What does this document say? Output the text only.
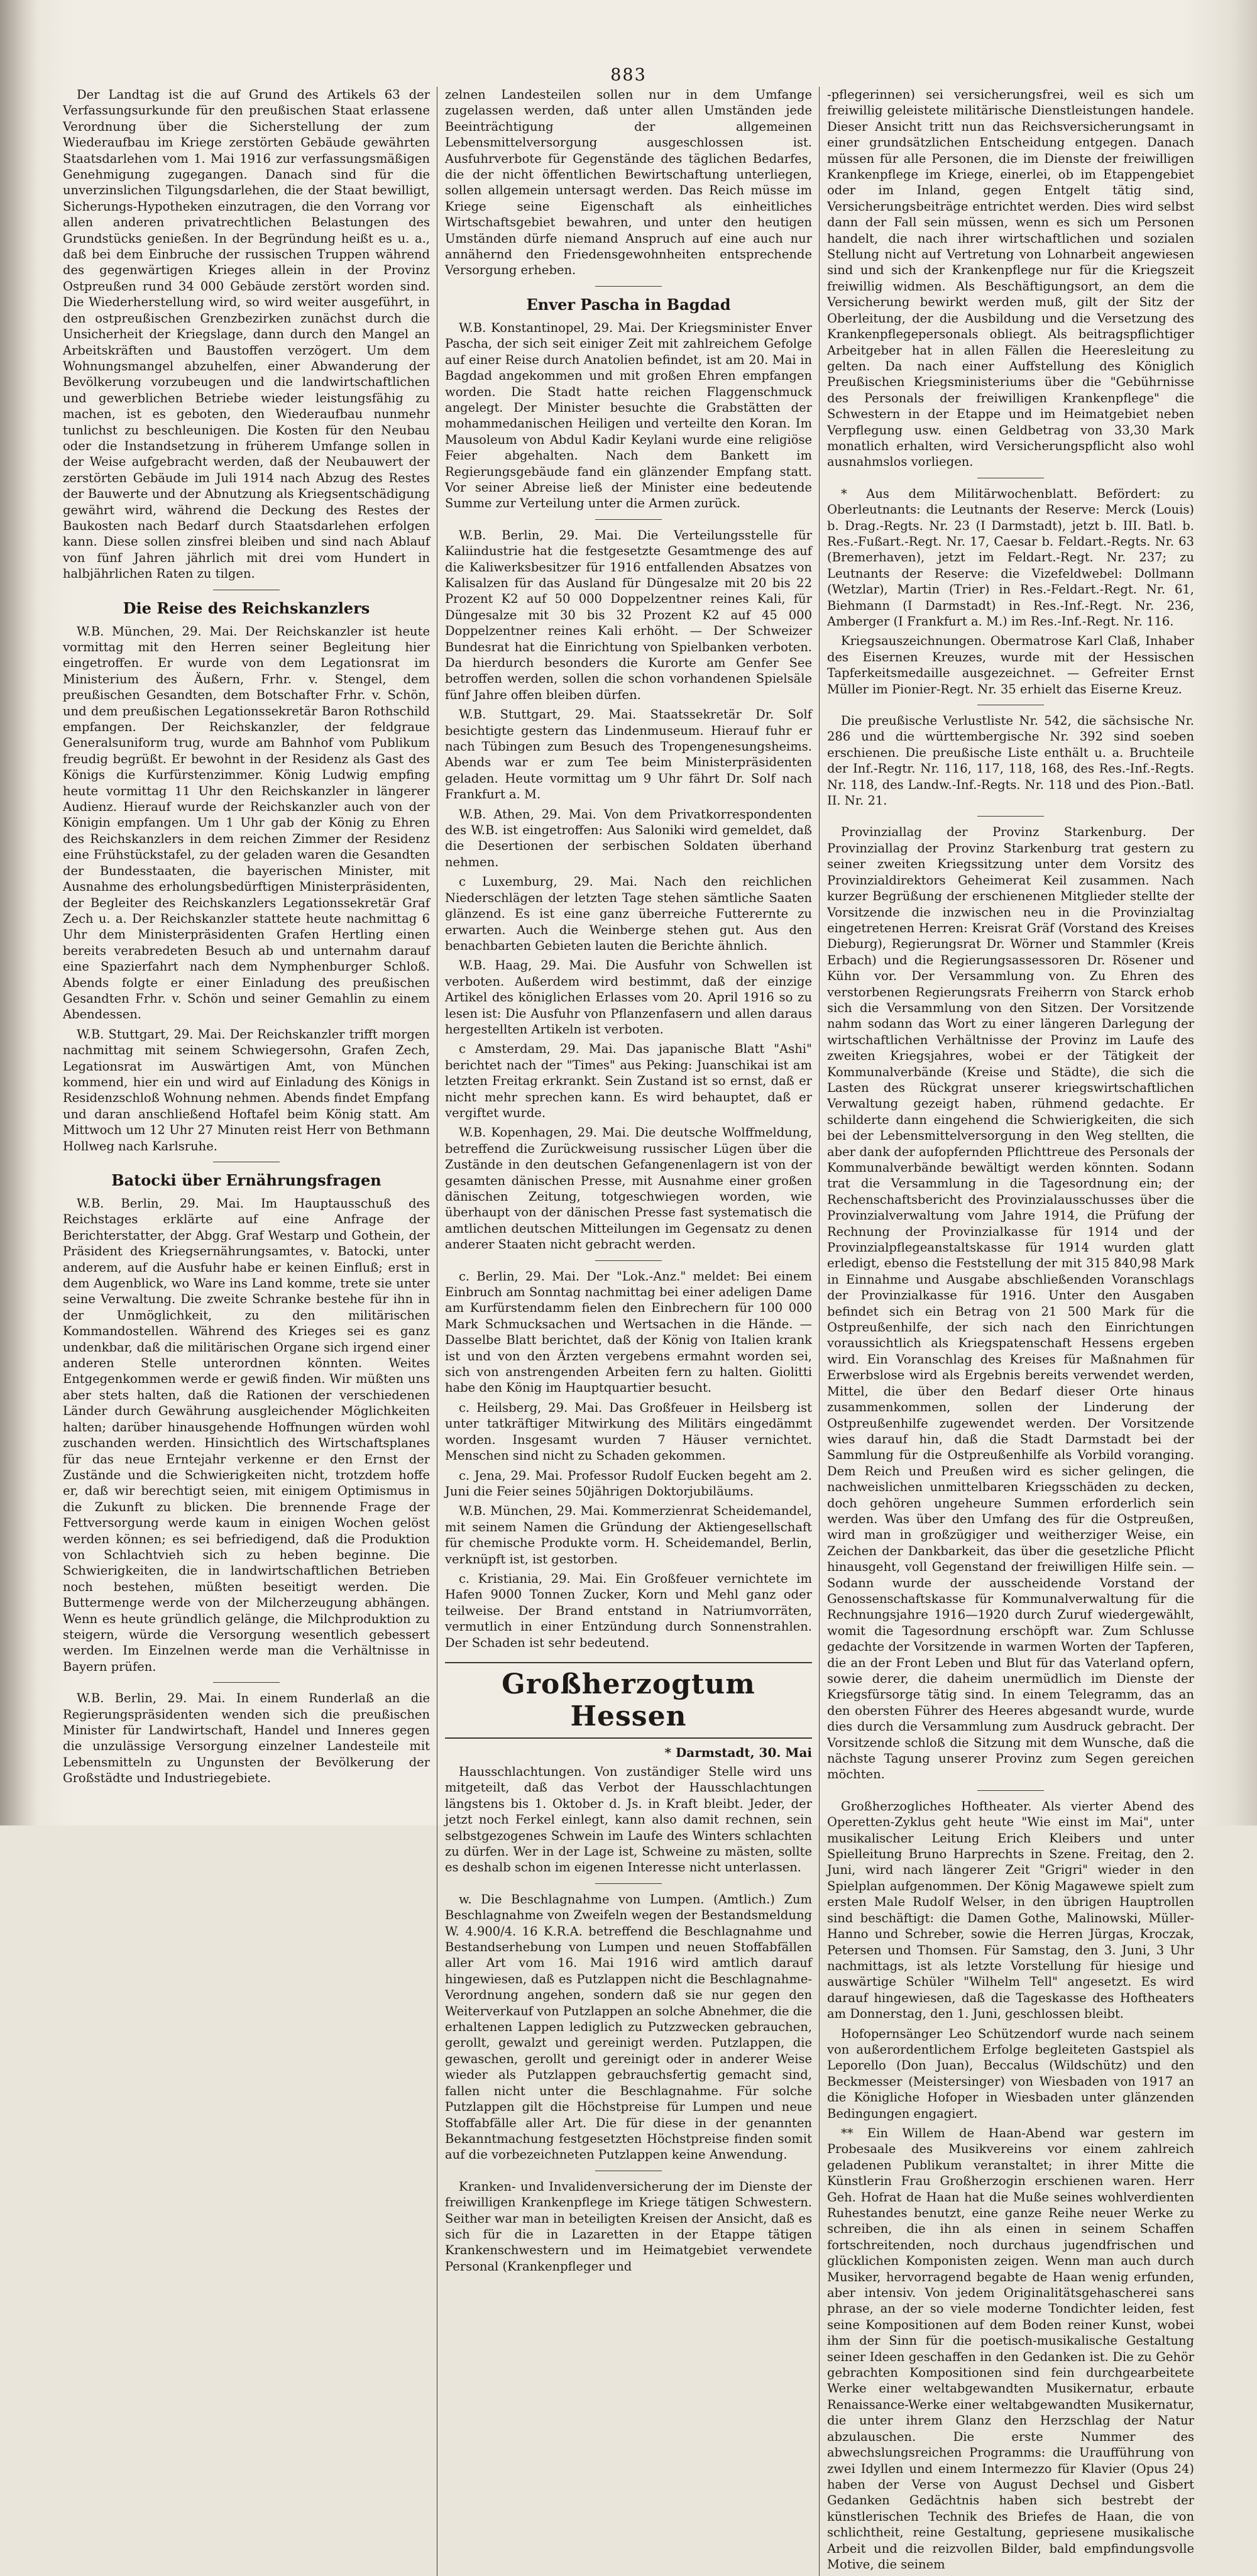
883

Der Landtag ist die auf Grund des Artikels 63 der Verfassungsurkunde für den preußischen Staat erlassene Verordnung über die Sicherstellung der zum Wiederaufbau im Kriege zerstörten Gebäude gewährten Staatsdarlehen vom 1. Mai 1916 zur verfassungsmäßigen Genehmigung zugegangen. Danach sind für die unverzinslichen Tilgungsdarlehen, die der Staat bewilligt, Sicherungs-Hypotheken einzutragen, die den Vorrang vor allen anderen privatrechtlichen Belastungen des Grundstücks genießen. In der Begründung heißt es u. a., daß bei dem Einbruche der russischen Truppen während des gegenwärtigen Krieges allein in der Provinz Ostpreußen rund 34 000 Gebäude zerstört worden sind. Die Wiederherstellung wird, so wird weiter ausgeführt, in den ostpreußischen Grenzbezirken zunächst durch die Unsicherheit der Kriegslage, dann durch den Mangel an Arbeitskräften und Baustoffen verzögert. Um dem Wohnungsmangel abzuhelfen, einer Abwanderung der Bevölkerung vorzubeugen und die landwirtschaftlichen und gewerblichen Betriebe wieder leistungsfähig zu machen, ist es geboten, den Wiederaufbau nunmehr tunlichst zu beschleunigen. Die Kosten für den Neubau oder die Instandsetzung in früherem Umfange sollen in der Weise aufgebracht werden, daß der Neubauwert der zerstörten Gebäude im Juli 1914 nach Abzug des Restes der Bauwerte und der Abnutzung als Kriegsentschädigung gewährt wird, während die Deckung des Restes der Baukosten nach Bedarf durch Staatsdarlehen erfolgen kann. Diese sollen zinsfrei bleiben und sind nach Ablauf von fünf Jahren jährlich mit drei vom Hundert in halbjährlichen Raten zu tilgen.

Die Reise des Reichskanzlers

W.B. München, 29. Mai. Der Reichskanzler ist heute vormittag mit den Herren seiner Begleitung hier eingetroffen. Er wurde von dem Legationsrat im Ministerium des Äußern, Frhr. v. Stengel, dem preußischen Gesandten, dem Botschafter Frhr. v. Schön, und dem preußischen Legationssekretär Baron Rothschild empfangen. Der Reichskanzler, der feldgraue Generalsuniform trug, wurde am Bahnhof vom Publikum freudig begrüßt. Er bewohnt in der Residenz als Gast des Königs die Kurfürstenzimmer. König Ludwig empfing heute vormittag 11 Uhr den Reichskanzler in längerer Audienz. Hierauf wurde der Reichskanzler auch von der Königin empfangen. Um 1 Uhr gab der König zu Ehren des Reichskanzlers in dem reichen Zimmer der Residenz eine Frühstückstafel, zu der geladen waren die Gesandten der Bundesstaaten, die bayerischen Minister, mit Ausnahme des erholungsbedürftigen Ministerpräsidenten, der Begleiter des Reichskanzlers Legationssekretär Graf Zech u. a. Der Reichskanzler stattete heute nachmittag 6 Uhr dem Ministerpräsidenten Grafen Hertling einen bereits verabredeten Besuch ab und unternahm darauf eine Spazierfahrt nach dem Nymphenburger Schloß. Abends folgte er einer Einladung des preußischen Gesandten Frhr. v. Schön und seiner Gemahlin zu einem Abendessen.

W.B. Stuttgart, 29. Mai. Der Reichskanzler trifft morgen nachmittag mit seinem Schwiegersohn, Grafen Zech, Legationsrat im Auswärtigen Amt, von München kommend, hier ein und wird auf Einladung des Königs in Residenzschloß Wohnung nehmen. Abends findet Empfang und daran anschließend Hoftafel beim König statt. Am Mittwoch um 12 Uhr 27 Minuten reist Herr von Bethmann Hollweg nach Karlsruhe.

Batocki über Ernährungsfragen

W.B. Berlin, 29. Mai. Im Hauptausschuß des Reichstages erklärte auf eine Anfrage der Berichterstatter, der Abgg. Graf Westarp und Gothein, der Präsident des Kriegsernährungsamtes, v. Batocki, unter anderem, auf die Ausfuhr habe er keinen Einfluß; erst in dem Augenblick, wo Ware ins Land komme, trete sie unter seine Verwaltung. Die zweite Schranke bestehe für ihn in der Unmöglichkeit, zu den militärischen Kommandostellen. Während des Krieges sei es ganz undenkbar, daß die militärischen Organe sich irgend einer anderen Stelle unterordnen könnten. Weites Entgegenkommen werde er gewiß finden. Wir müßten uns aber stets halten, daß die Rationen der verschiedenen Länder durch Gewährung ausgleichender Möglichkeiten halten; darüber hinausgehende Hoffnungen würden wohl zuschanden werden. Hinsichtlich des Wirtschaftsplanes für das neue Erntejahr verkenne er den Ernst der Zustände und die Schwierigkeiten nicht, trotzdem hoffe er, daß wir berechtigt seien, mit einigem Optimismus in die Zukunft zu blicken. Die brennende Frage der Fettversorgung werde kaum in einigen Wochen gelöst werden können; es sei befriedigend, daß die Produktion von Schlachtvieh sich zu heben beginne. Die Schwierigkeiten, die in landwirtschaftlichen Betrieben noch bestehen, müßten beseitigt werden. Die Buttermenge werde von der Milcherzeugung abhängen. Wenn es heute gründlich gelänge, die Milchproduktion zu steigern, würde die Versorgung wesentlich gebessert werden. Im Einzelnen werde man die Verhältnisse in Bayern prüfen.

W.B. Berlin, 29. Mai. In einem Runderlaß an die Regierungspräsidenten wenden sich die preußischen Minister für Landwirtschaft, Handel und Inneres gegen die unzulässige Versorgung einzelner Landesteile mit Lebensmitteln zu Ungunsten der Bevölkerung der Großstädte und Industriegebiete.

zelnen Landesteilen sollen nur in dem Umfange zugelassen werden, daß unter allen Umständen jede Beeinträchtigung der allgemeinen Lebensmittelversorgung ausgeschlossen ist. Ausfuhrverbote für Gegenstände des täglichen Bedarfes, die der nicht öffentlichen Bewirtschaftung unterliegen, sollen allgemein untersagt werden. Das Reich müsse im Kriege seine Eigenschaft als einheitliches Wirtschaftsgebiet bewahren, und unter den heutigen Umständen dürfe niemand Anspruch auf eine auch nur annähernd den Friedensgewohnheiten entsprechende Versorgung erheben.

Enver Pascha in Bagdad

W.B. Konstantinopel, 29. Mai. Der Kriegsminister Enver Pascha, der sich seit einiger Zeit mit zahlreichem Gefolge auf einer Reise durch Anatolien befindet, ist am 20. Mai in Bagdad angekommen und mit großen Ehren empfangen worden. Die Stadt hatte reichen Flaggenschmuck angelegt. Der Minister besuchte die Grabstätten der mohammedanischen Heiligen und verteilte den Koran. Im Mausoleum von Abdul Kadir Keylani wurde eine religiöse Feier abgehalten. Nach dem Bankett im Regierungsgebäude fand ein glänzender Empfang statt. Vor seiner Abreise ließ der Minister eine bedeutende Summe zur Verteilung unter die Armen zurück.

W.B. Berlin, 29. Mai. Die Verteilungsstelle für Kaliindustrie hat die festgesetzte Gesamtmenge des auf die Kaliwerksbesitzer für 1916 entfallenden Absatzes von Kalisalzen für das Ausland für Düngesalze mit 20 bis 22 Prozent K2 auf 50 000 Doppelzentner reines Kali, für Düngesalze mit 30 bis 32 Prozent K2 auf 45 000 Doppelzentner reines Kali erhöht. — Der Schweizer Bundesrat hat die Einrichtung von Spielbanken verboten. Da hierdurch besonders die Kurorte am Genfer See betroffen werden, sollen die schon vorhandenen Spielsäle fünf Jahre offen bleiben dürfen.

W.B. Stuttgart, 29. Mai. Staatssekretär Dr. Solf besichtigte gestern das Lindenmuseum. Hierauf fuhr er nach Tübingen zum Besuch des Tropengenesungsheims. Abends war er zum Tee beim Ministerpräsidenten geladen. Heute vormittag um 9 Uhr fährt Dr. Solf nach Frankfurt a. M.

W.B. Athen, 29. Mai. Von dem Privatkorrespondenten des W.B. ist eingetroffen: Aus Saloniki wird gemeldet, daß die Desertionen der serbischen Soldaten überhand nehmen.

c Luxemburg, 29. Mai. Nach den reichlichen Niederschlägen der letzten Tage stehen sämtliche Saaten glänzend. Es ist eine ganz überreiche Futterernte zu erwarten. Auch die Weinberge stehen gut. Aus den benachbarten Gebieten lauten die Berichte ähnlich.

W.B. Haag, 29. Mai. Die Ausfuhr von Schwellen ist verboten. Außerdem wird bestimmt, daß der einzige Artikel des königlichen Erlasses vom 20. April 1916 so zu lesen ist: Die Ausfuhr von Pflanzenfasern und allen daraus hergestellten Artikeln ist verboten.

c Amsterdam, 29. Mai. Das japanische Blatt "Ashi" berichtet nach der "Times" aus Peking: Juanschikai ist am letzten Freitag erkrankt. Sein Zustand ist so ernst, daß er nicht mehr sprechen kann. Es wird behauptet, daß er vergiftet wurde.

W.B. Kopenhagen, 29. Mai. Die deutsche Wolffmeldung, betreffend die Zurückweisung russischer Lügen über die Zustände in den deutschen Gefangenenlagern ist von der gesamten dänischen Presse, mit Ausnahme einer großen dänischen Zeitung, totgeschwiegen worden, wie überhaupt von der dänischen Presse fast systematisch die amtlichen deutschen Mitteilungen im Gegensatz zu denen anderer Staaten nicht gebracht werden.

c. Berlin, 29. Mai. Der "Lok.-Anz." meldet: Bei einem Einbruch am Sonntag nachmittag bei einer adeligen Dame am Kurfürstendamm fielen den Einbrechern für 100 000 Mark Schmucksachen und Wertsachen in die Hände. — Dasselbe Blatt berichtet, daß der König von Italien krank ist und von den Ärzten vergebens ermahnt worden sei, sich von anstrengenden Arbeiten fern zu halten. Giolitti habe den König im Hauptquartier besucht.

c. Heilsberg, 29. Mai. Das Großfeuer in Heilsberg ist unter tatkräftiger Mitwirkung des Militärs eingedämmt worden. Insgesamt wurden 7 Häuser vernichtet. Menschen sind nicht zu Schaden gekommen.

c. Jena, 29. Mai. Professor Rudolf Eucken begeht am 2. Juni die Feier seines 50jährigen Doktorjubiläums.

W.B. München, 29. Mai. Kommerzienrat Scheidemandel, mit seinem Namen die Gründung der Aktiengesellschaft für chemische Produkte vorm. H. Scheidemandel, Berlin, verknüpft ist, ist gestorben.

c. Kristiania, 29. Mai. Ein Großfeuer vernichtete im Hafen 9000 Tonnen Zucker, Korn und Mehl ganz oder teilweise. Der Brand entstand in Natriumvorräten, vermutlich in einer Entzündung durch Sonnenstrahlen. Der Schaden ist sehr bedeutend.

Großherzogtum Hessen
* Darmstadt, 30. Mai

Hausschlachtungen. Von zuständiger Stelle wird uns mitgeteilt, daß das Verbot der Hausschlachtungen längstens bis 1. Oktober d. Js. in Kraft bleibt. Jeder, der jetzt noch Ferkel einlegt, kann also damit rechnen, sein selbstgezogenes Schwein im Laufe des Winters schlachten zu dürfen. Wer in der Lage ist, Schweine zu mästen, sollte es deshalb schon im eigenen Interesse nicht unterlassen.

w. Die Beschlagnahme von Lumpen. (Amtlich.) Zum Beschlagnahme von Zweifeln wegen der Bestandsmeldung W. 4.900/4. 16 K.R.A. betreffend die Beschlagnahme und Bestandserhebung von Lumpen und neuen Stoffabfällen aller Art vom 16. Mai 1916 wird amtlich darauf hingewiesen, daß es Putzlappen nicht die Beschlagnahme-Verordnung angehen, sondern daß sie nur gegen den Weiterverkauf von Putzlappen an solche Abnehmer, die die erhaltenen Lappen lediglich zu Putzzwecken gebrauchen, gerollt, gewalzt und gereinigt werden. Putzlappen, die gewaschen, gerollt und gereinigt oder in anderer Weise wieder als Putzlappen gebrauchsfertig gemacht sind, fallen nicht unter die Beschlagnahme. Für solche Putzlappen gilt die Höchstpreise für Lumpen und neue Stoffabfälle aller Art. Die für diese in der genannten Bekanntmachung festgesetzten Höchstpreise finden somit auf die vorbezeichneten Putzlappen keine Anwendung.

Kranken- und Invalidenversicherung der im Dienste der freiwilligen Krankenpflege im Kriege tätigen Schwestern. Seither war man in beteiligten Kreisen der Ansicht, daß es sich für die in Lazaretten in der Etappe tätigen Krankenschwestern und im Heimatgebiet verwendete Personal (Krankenpfleger und

-pflegerinnen) sei versicherungsfrei, weil es sich um freiwillig geleistete militärische Dienstleistungen handele. Dieser Ansicht tritt nun das Reichsversicherungsamt in einer grundsätzlichen Entscheidung entgegen. Danach müssen für alle Personen, die im Dienste der freiwilligen Krankenpflege im Kriege, einerlei, ob im Etappengebiet oder im Inland, gegen Entgelt tätig sind, Versicherungsbeiträge entrichtet werden. Dies wird selbst dann der Fall sein müssen, wenn es sich um Personen handelt, die nach ihrer wirtschaftlichen und sozialen Stellung nicht auf Vertretung von Lohnarbeit angewiesen sind und sich der Krankenpflege nur für die Kriegszeit freiwillig widmen. Als Beschäftigungsort, an dem die Versicherung bewirkt werden muß, gilt der Sitz der Oberleitung, der die Ausbildung und die Versetzung des Krankenpflegepersonals obliegt. Als beitragspflichtiger Arbeitgeber hat in allen Fällen die Heeresleitung zu gelten. Da nach einer Auffstellung des Königlich Preußischen Kriegsministeriums über die "Gebührnisse des Personals der freiwilligen Krankenpflege" die Schwestern in der Etappe und im Heimatgebiet neben Verpflegung usw. einen Geldbetrag von 33,30 Mark monatlich erhalten, wird Versicherungspflicht also wohl ausnahmslos vorliegen.

* Aus dem Militärwochenblatt. Befördert: zu Oberleutnants: die Leutnants der Reserve: Merck (Louis) b. Drag.-Regts. Nr. 23 (I Darmstadt), jetzt b. III. Batl. b. Res.-Fußart.-Regt. Nr. 17, Caesar b. Feldart.-Regts. Nr. 63 (Bremerhaven), jetzt im Feldart.-Regt. Nr. 237; zu Leutnants der Reserve: die Vizefeldwebel: Dollmann (Wetzlar), Martin (Trier) in Res.-Feldart.-Regt. Nr. 61, Biehmann (I Darmstadt) in Res.-Inf.-Regt. Nr. 236, Amberger (I Frankfurt a. M.) im Res.-Inf.-Regt. Nr. 116.

Kriegsauszeichnungen. Obermatrose Karl Claß, Inhaber des Eisernen Kreuzes, wurde mit der Hessischen Tapferkeitsmedaille ausgezeichnet. — Gefreiter Ernst Müller im Pionier-Regt. Nr. 35 erhielt das Eiserne Kreuz.

Die preußische Verlustliste Nr. 542, die sächsische Nr. 286 und die württembergische Nr. 392 sind soeben erschienen. Die preußische Liste enthält u. a. Bruchteile der Inf.-Regtr. Nr. 116, 117, 118, 168, des Res.-Inf.-Regts. Nr. 118, des Landw.-Inf.-Regts. Nr. 118 und des Pion.-Batl. II. Nr. 21.

Provinziallag der Provinz Starkenburg. Der Provinziallag der Provinz Starkenburg trat gestern zu seiner zweiten Kriegssitzung unter dem Vorsitz des Provinzialdirektors Geheimerat Keil zusammen. Nach kurzer Begrüßung der erschienenen Mitglieder stellte der Vorsitzende die inzwischen neu in die Provinzialtag eingetretenen Herren: Kreisrat Gräf (Vorstand des Kreises Dieburg), Regierungsrat Dr. Wörner und Stammler (Kreis Erbach) und die Regierungsassessoren Dr. Rösener und Kühn vor. Der Versammlung von. Zu Ehren des verstorbenen Regierungsrats Freiherrn von Starck erhob sich die Versammlung von den Sitzen. Der Vorsitzende nahm sodann das Wort zu einer längeren Darlegung der wirtschaftlichen Verhältnisse der Provinz im Laufe des zweiten Kriegsjahres, wobei er der Tätigkeit der Kommunalverbände (Kreise und Städte), die sich die Lasten des Rückgrat unserer kriegswirtschaftlichen Verwaltung gezeigt haben, rühmend gedachte. Er schilderte dann eingehend die Schwierigkeiten, die sich bei der Lebensmittelversorgung in den Weg stellten, die aber dank der aufopfernden Pflichttreue des Personals der Kommunalverbände bewältigt werden könnten. Sodann trat die Versammlung in die Tagesordnung ein; der Rechenschaftsbericht des Provinzialausschusses über die Provinzialverwaltung vom Jahre 1914, die Prüfung der Rechnung der Provinzialkasse für 1914 und der Provinzialpflegeanstaltskasse für 1914 wurden glatt erledigt, ebenso die Feststellung der mit 315 840,98 Mark in Einnahme und Ausgabe abschließenden Voranschlags der Provinzialkasse für 1916. Unter den Ausgaben befindet sich ein Betrag von 21 500 Mark für die Ostpreußenhilfe, der sich nach den Einrichtungen voraussichtlich als Kriegspatenschaft Hessens ergeben wird. Ein Voranschlag des Kreises für Maßnahmen für Erwerbslose wird als Ergebnis bereits verwendet werden, Mittel, die über den Bedarf dieser Orte hinaus zusammenkommen, sollen der Linderung der Ostpreußenhilfe zugewendet werden. Der Vorsitzende wies darauf hin, daß die Stadt Darmstadt bei der Sammlung für die Ostpreußenhilfe als Vorbild voranging. Dem Reich und Preußen wird es sicher gelingen, die nachweislichen unmittelbaren Kriegsschäden zu decken, doch gehören ungeheure Summen erforderlich sein werden. Was über den Umfang des für die Ostpreußen, wird man in großzügiger und weitherziger Weise, ein Zeichen der Dankbarkeit, das über die gesetzliche Pflicht hinausgeht, voll Gegenstand der freiwilligen Hilfe sein. — Sodann wurde der ausscheidende Vorstand der Genossenschaftskasse für Kommunalverwaltung für die Rechnungsjahre 1916—1920 durch Zuruf wiedergewählt, womit die Tagesordnung erschöpft war. Zum Schlusse gedachte der Vorsitzende in warmen Worten der Tapferen, die an der Front Leben und Blut für das Vaterland opfern, sowie derer, die daheim unermüdlich im Dienste der Kriegsfürsorge tätig sind. In einem Telegramm, das an den obersten Führer des Heeres abgesandt wurde, wurde dies durch die Versammlung zum Ausdruck gebracht. Der Vorsitzende schloß die Sitzung mit dem Wunsche, daß die nächste Tagung unserer Provinz zum Segen gereichen möchten.

Großherzogliches Hoftheater. Als vierter Abend des Operetten-Zyklus geht heute "Wie einst im Mai", unter musikalischer Leitung Erich Kleibers und unter Spielleitung Bruno Harprechts in Szene. Freitag, den 2. Juni, wird nach längerer Zeit "Grigri" wieder in den Spielplan aufgenommen. Der König Magawewe spielt zum ersten Male Rudolf Welser, in den übrigen Hauptrollen sind beschäftigt: die Damen Gothe, Malinowski, Müller-Hanno und Schreber, sowie die Herren Jürgas, Kroczak, Petersen und Thomsen. Für Samstag, den 3. Juni, 3 Uhr nachmittags, ist als letzte Vorstellung für hiesige und auswärtige Schüler "Wilhelm Tell" angesetzt. Es wird darauf hingewiesen, daß die Tageskasse des Hoftheaters am Donnerstag, den 1. Juni, geschlossen bleibt.

Hofopernsänger Leo Schützendorf wurde nach seinem von außerordentlichem Erfolge begleiteten Gastspiel als Leporello (Don Juan), Beccalus (Wildschütz) und den Beckmesser (Meistersinger) von Wiesbaden von 1917 an die Königliche Hofoper in Wiesbaden unter glänzenden Bedingungen engagiert.

** Ein Willem de Haan-Abend war gestern im Probesaale des Musikvereins vor einem zahlreich geladenen Publikum veranstaltet; in ihrer Mitte die Künstlerin Frau Großherzogin erschienen waren. Herr Geh. Hofrat de Haan hat die Muße seines wohlverdienten Ruhestandes benutzt, eine ganze Reihe neuer Werke zu schreiben, die ihn als einen in seinem Schaffen fortschreitenden, noch durchaus jugendfrischen und glücklichen Komponisten zeigen. Wenn man auch durch Musiker, hervorragend begabte de Haan wenig erfunden, aber intensiv. Von jedem Originalitätsgehascherei sans phrase, an der so viele moderne Tondichter leiden, fest seine Kompositionen auf dem Boden reiner Kunst, wobei ihm der Sinn für die poetisch-musikalische Gestaltung seiner Ideen geschaffen in den Gedanken ist. Die zu Gehör gebrachten Kompositionen sind fein durchgearbeitete Werke einer weltabgewandten Musikernatur, erbaute Renaissance-Werke einer weltabgewandten Musikernatur, die unter ihrem Glanz den Herzschlag der Natur abzulauschen. Die erste Nummer des abwechslungsreichen Programms: die Uraufführung von zwei Idyllen und einem Intermezzo für Klavier (Opus 24) haben der Verse von August Dechsel und Gisbert Gedanken Gedächtnis haben sich bestrebt der künstlerischen Technik des Briefes de Haan, die von schlichtheit, reine Gestaltung, gepriesene musikalische Arbeit und die reizvollen Bilder, bald empfindungsvolle Motive, die seinem
